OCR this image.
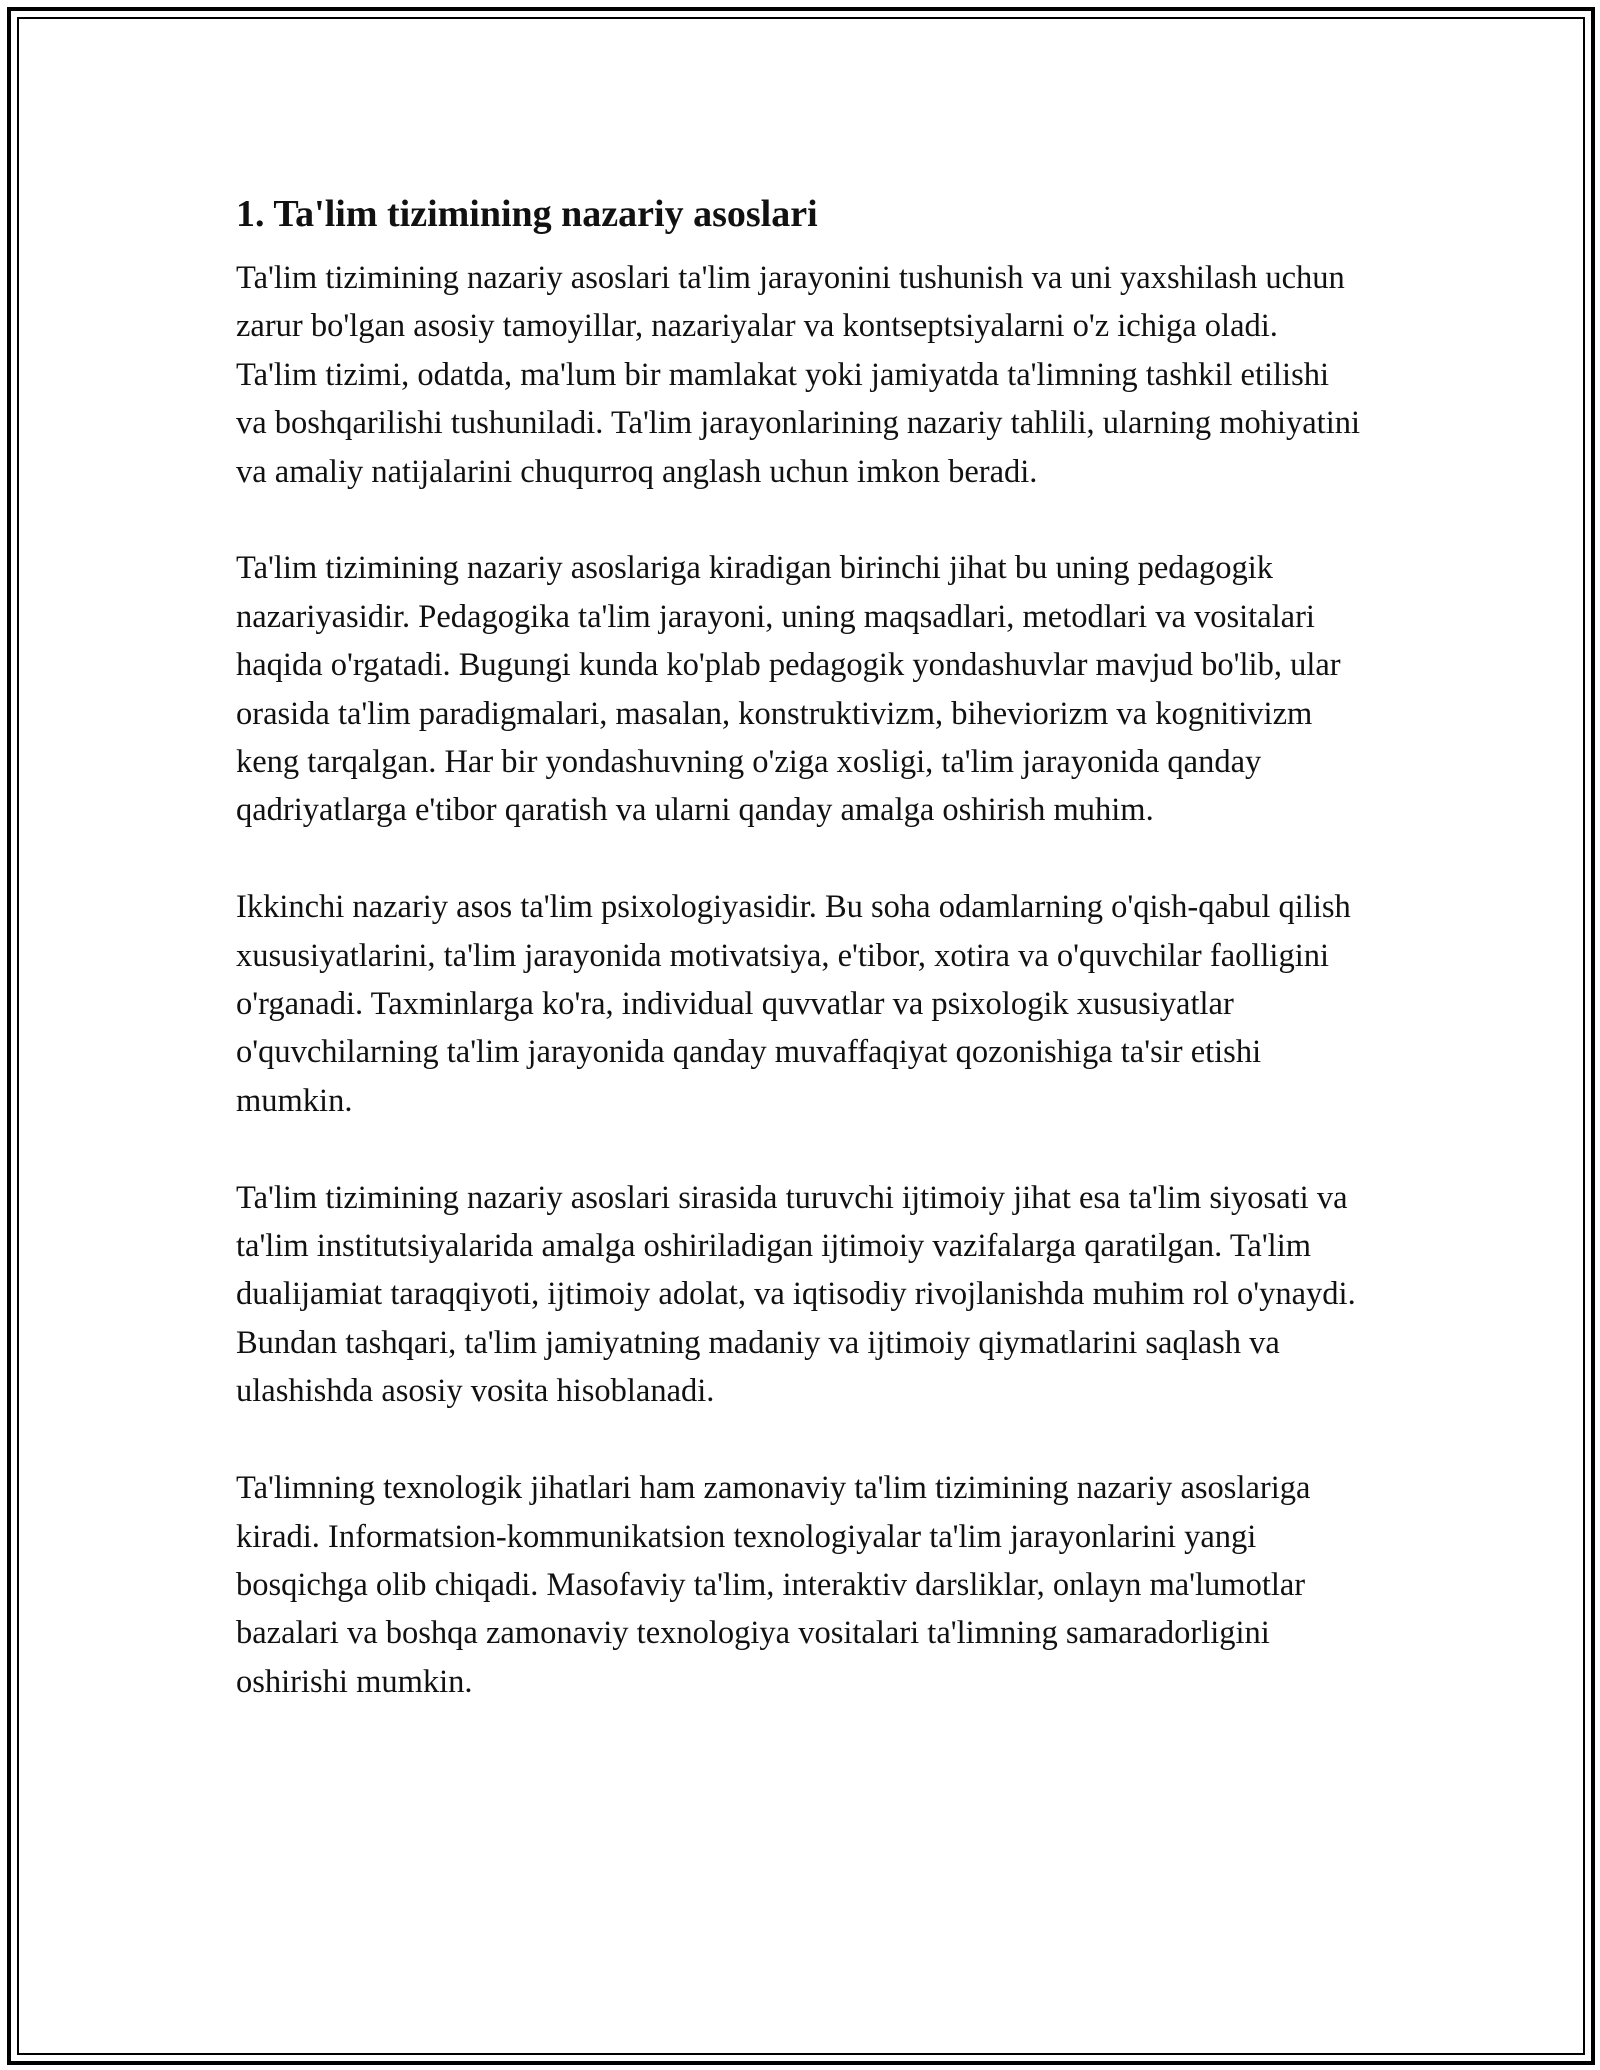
1. Ta'lim tizimining nazariy asoslari

Ta'lim tizimining nazariy asoslari ta'lim jarayonini tushunish va uni yaxshilash uchun zarur bo'lgan asosiy tamoyillar, nazariyalar va kontseptsiyalarni o'z ichiga oladi. Ta'lim tizimi, odatda, ma'lum bir mamlakat yoki jamiyatda ta'limning tashkil etilishi va boshqarilishi tushuniladi. Ta'lim jarayonlarining nazariy tahlili, ularning mohiyatini va amaliy natijalarini chuqurroq anglash uchun imkon beradi.

Ta'lim tizimining nazariy asoslariga kiradigan birinchi jihat bu uning pedagogik nazariyasidir. Pedagogika ta'lim jarayoni, uning maqsadlari, metodlari va vositalari haqida o'rgatadi. Bugungi kunda ko'plab pedagogik yondashuvlar mavjud bo'lib, ular orasida ta'lim paradigmalari, masalan, konstruktivizm, biheviorizm va kognitivizm keng tarqalgan. Har bir yondashuvning o'ziga xosligi, ta'lim jarayonida qanday qadriyatlarga e'tibor qaratish va ularni qanday amalga oshirish muhim.

Ikkinchi nazariy asos ta'lim psixologiyasidir. Bu soha odamlarning o'qish-qabul qilish xususiyatlarini, ta'lim jarayonida motivatsiya, e'tibor, xotira va o'quvchilar faolligini o'rganadi. Taxminlarga ko'ra, individual quvvatlar va psixologik xususiyatlar o'quvchilarning ta'lim jarayonida qanday muvaffaqiyat qozonishiga ta'sir etishi mumkin.

Ta'lim tizimining nazariy asoslari sirasida turuvchi ijtimoiy jihat esa ta'lim siyosati va ta'lim institutsiyalarida amalga oshiriladigan ijtimoiy vazifalarga qaratilgan. Ta'lim dualijamiat taraqqiyoti, ijtimoiy adolat, va iqtisodiy rivojlanishda muhim rol o'ynaydi. Bundan tashqari, ta'lim jamiyatning madaniy va ijtimoiy qiymatlarini saqlash va ulashishda asosiy vosita hisoblanadi.

Ta'limning texnologik jihatlari ham zamonaviy ta'lim tizimining nazariy asoslariga kiradi. Informatsion-kommunikatsion texnologiyalar ta'lim jarayonlarini yangi bosqichga olib chiqadi. Masofaviy ta'lim, interaktiv darsliklar, onlayn ma'lumotlar bazalari va boshqa zamonaviy texnologiya vositalari ta'limning samaradorligini oshirishi mumkin.
